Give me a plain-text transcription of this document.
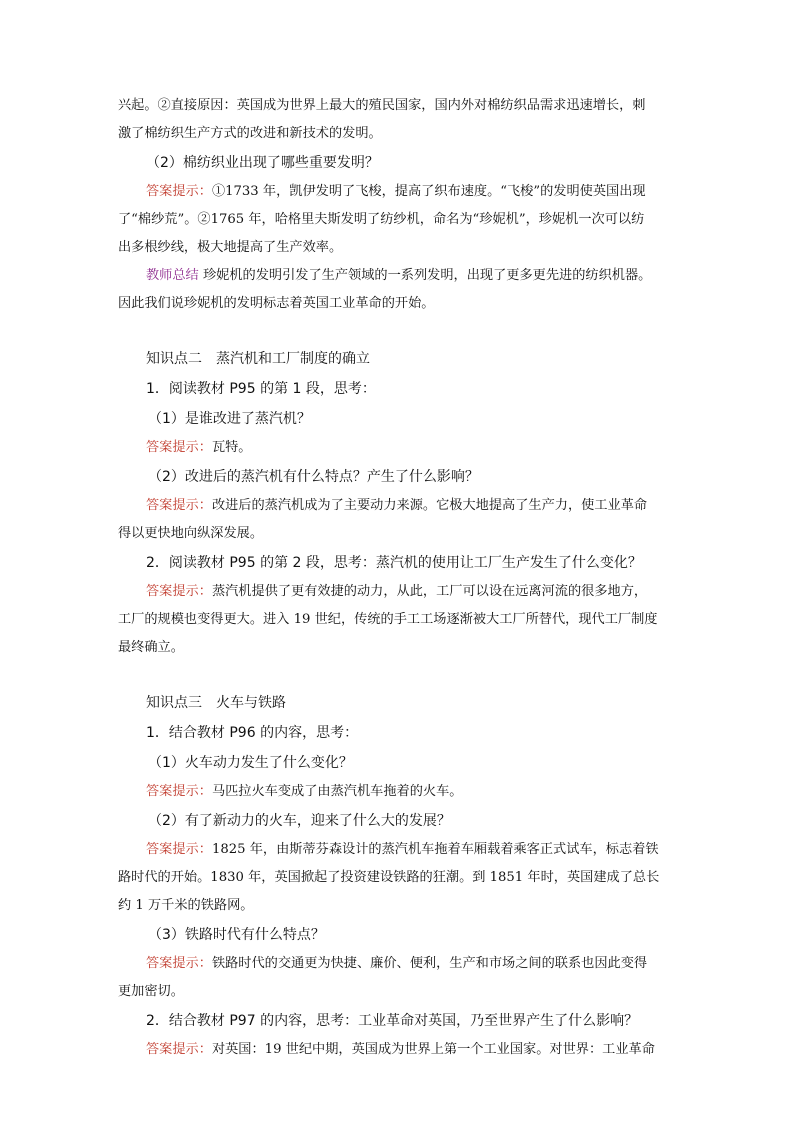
兴起。②直接原因：英国成为世界上最大的殖民国家，国内外对棉纺织品需求迅速增长，刺

激了棉纺织生产方式的改进和新技术的发明。

（2）棉纺织业出现了哪些重要发明？

答案提示：①1733 年，凯伊发明了飞梭，提高了织布速度。“飞梭”的发明使英国出现

了“棉纱荒”。②1765 年，哈格里夫斯发明了纺纱机，命名为“珍妮机”，珍妮机一次可以纺

出多根纱线，极大地提高了生产效率。

教师总结 珍妮机的发明引发了生产领域的一系列发明，出现了更多更先进的纺织机器。

因此我们说珍妮机的发明标志着英国工业革命的开始。

知识点二　蒸汽机和工厂制度的确立

1．阅读教材 P95 的第 1 段，思考：

（1）是谁改进了蒸汽机？

答案提示：瓦特。

（2）改进后的蒸汽机有什么特点？产生了什么影响？

答案提示：改进后的蒸汽机成为了主要动力来源。它极大地提高了生产力，使工业革命

得以更快地向纵深发展。

2．阅读教材 P95 的第 2 段，思考：蒸汽机的使用让工厂生产发生了什么变化？

答案提示：蒸汽机提供了更有效捷的动力，从此，工厂可以设在远离河流的很多地方，

工厂的规模也变得更大。进入 19 世纪，传统的手工工场逐渐被大工厂所替代，现代工厂制度

最终确立。

知识点三　火车与铁路

1．结合教材 P96 的内容，思考：

（1）火车动力发生了什么变化？

答案提示：马匹拉火车变成了由蒸汽机车拖着的火车。

（2）有了新动力的火车，迎来了什么大的发展？

答案提示：1825 年，由斯蒂芬森设计的蒸汽机车拖着车厢载着乘客正式试车，标志着铁

路时代的开始。1830 年，英国掀起了投资建设铁路的狂潮。到 1851 年时，英国建成了总长

约 1 万千米的铁路网。

（3）铁路时代有什么特点？

答案提示：铁路时代的交通更为快捷、廉价、便利，生产和市场之间的联系也因此变得

更加密切。

2．结合教材 P97 的内容，思考：工业革命对英国，乃至世界产生了什么影响？

答案提示：对英国：19 世纪中期，英国成为世界上第一个工业国家。对世界：工业革命
